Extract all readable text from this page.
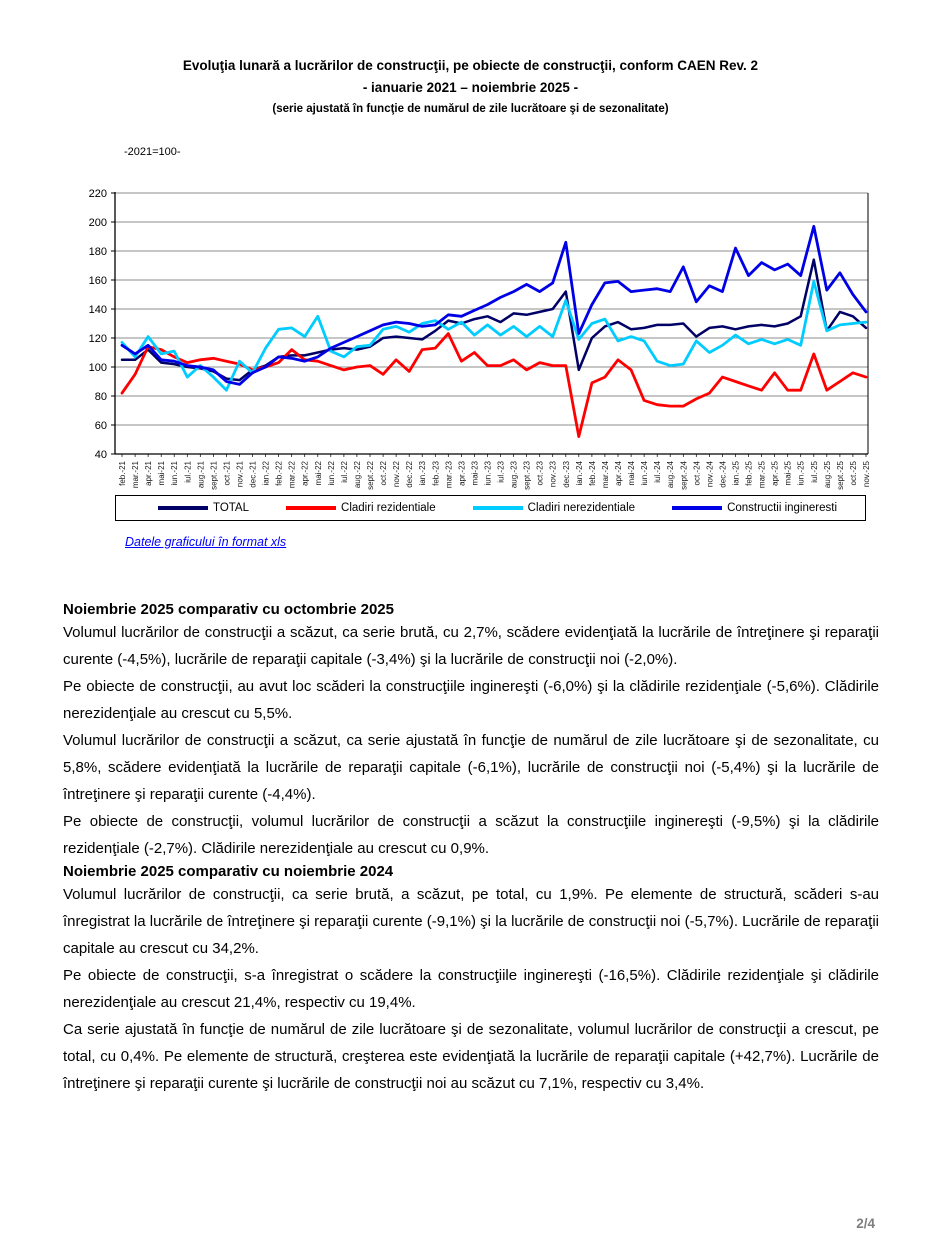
Evoluţia lunară a lucrărilor de construcţii, pe obiecte de construcţii, conform CAEN Rev. 2
- ianuarie 2021 – noiembrie 2025 -
(serie ajustată în funcţie de numărul de zile lucrătoare şi de sezonalitate)
-2021=100-
40
60
80
100
120
140
160
180
200
220
feb.-21 mar.-21 apr.-21 mai-21 iun.-21 iul.-21 aug.-21 sept.-21 oct.-21 nov.-21 dec.-21 ian.-22 feb.-22 mar.-22 apr.-22 mai-22 iun.-22 iul.-22 aug.-22 sept.-22 oct.-22 nov.-22 dec.-22 ian.-23 feb.-23 mar.-23 apr.-23 mai-23 iun.-23 iul.-23 aug.-23 sept.-23 oct.-23 nov.-23 dec.-23 ian.-24 feb.-24 mar.-24 apr.-24 mai-24 iun.-24 iul.-24 aug.-24 sept.-24 oct.-24 nov.-24 dec.-24 ian.-25 feb.-25 mar.-25 apr.-25 mai-25 iun.-25 iul.-25 aug.-25 sept.-25 oct.-25 nov.-25
TOTAL	Cladiri rezidentiale	Cladiri nerezidentiale	Constructii ingineresti
Datele graficului în format xls
Noiembrie 2025 comparativ cu octombrie 2025

Volumul lucrărilor de construcţii a scăzut, ca serie brută, cu 2,7%, scădere evidenţiată la lucrările de întreţinere şi reparaţii curente (-4,5%), lucrările de reparaţii capitale (-3,4%) şi la lucrările de construcţii noi (-2,0%).

Pe obiecte de construcţii, au avut loc scăderi la construcţiile inginereşti (-6,0%) şi la clădirile rezidenţiale (-5,6%). Clădirile nerezidenţiale au crescut cu 5,5%.

Volumul lucrărilor de construcţii a scăzut, ca serie ajustată în funcţie de numărul de zile lucrătoare şi de sezonalitate, cu 5,8%, scădere evidenţiată la lucrările de reparaţii capitale (-6,1%), lucrările de construcţii noi (-5,4%) şi la lucrările de întreţinere şi reparaţii curente (-4,4%).

Pe obiecte de construcţii, volumul lucrărilor de construcţii a scăzut la construcţiile inginereşti (-9,5%) şi la clădirile rezidenţiale (-2,7%). Clădirile nerezidenţiale au crescut cu 0,9%.

Noiembrie 2025 comparativ cu noiembrie 2024

Volumul lucrărilor de construcţii, ca serie brută, a scăzut, pe total, cu 1,9%. Pe elemente de structură, scăderi s-au înregistrat la lucrările de întreţinere şi reparaţii curente (-9,1%) şi la lucrările de construcţii noi (-5,7%). Lucrările de reparaţii capitale au crescut cu 34,2%.

Pe obiecte de construcţii, s-a înregistrat o scădere la construcţiile inginereşti (-16,5%). Clădirile rezidenţiale şi clădirile nerezidenţiale au crescut 21,4%, respectiv cu 19,4%.

Ca serie ajustată în funcţie de numărul de zile lucrătoare şi de sezonalitate, volumul lucrărilor de construcţii a crescut, pe total, cu 0,4%. Pe elemente de structură, creşterea este evidenţiată la lucrările de reparaţii capitale (+42,7%). Lucrările de întreţinere şi reparaţii curente şi lucrările de construcţii noi au scăzut cu 7,1%, respectiv cu 3,4%.

2/4
